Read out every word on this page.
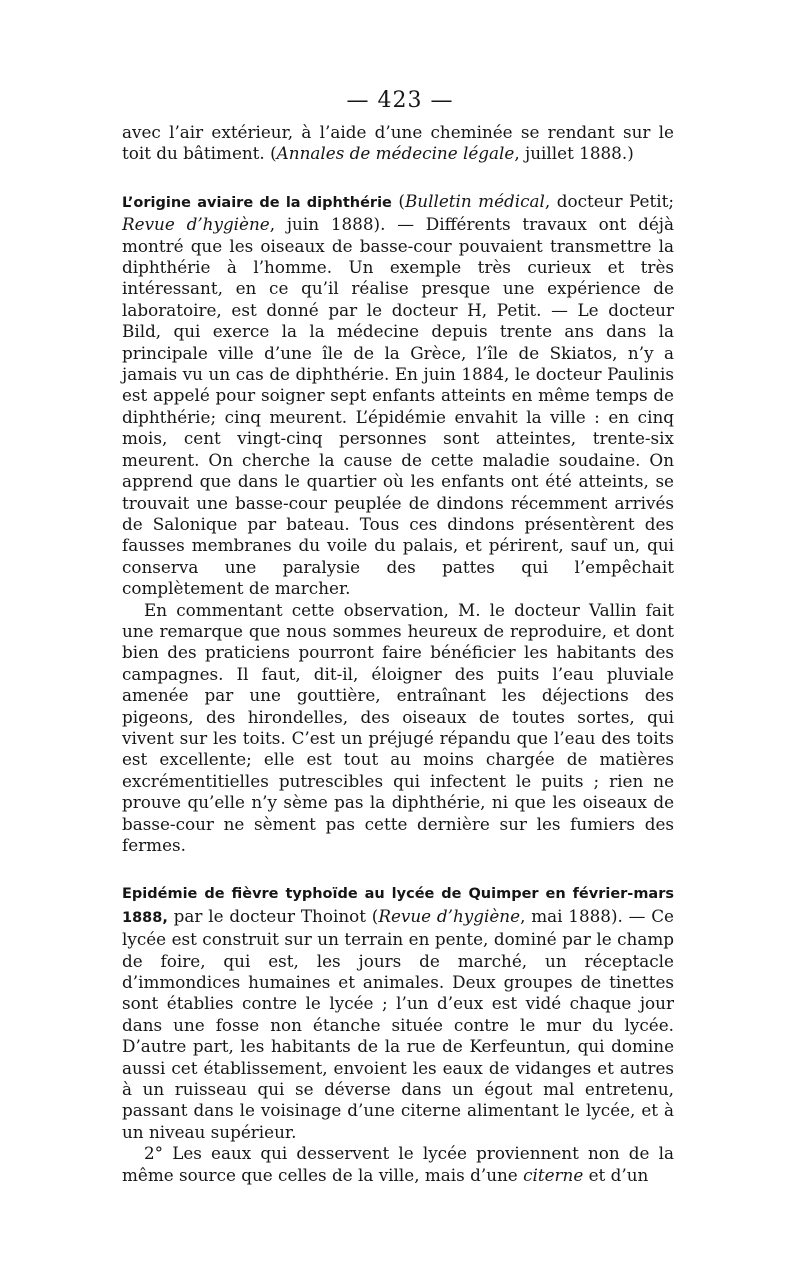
— 423 —

avec l’air extérieur, à l’aide d’une cheminée se rendant sur le toit du bâtiment. (Annales de médecine légale, juillet 1888.)

L’origine aviaire de la diphthérie (Bulletin médical, docteur Petit; Revue d’hygiène, juin 1888). — Différents travaux ont déjà montré que les oiseaux de basse-cour pouvaient transmettre la diphthérie à l’homme. Un exemple très curieux et très intéressant, en ce qu’il réalise presque une expérience de laboratoire, est donné par le docteur H, Petit. — Le docteur Bild, qui exerce la la médecine depuis trente ans dans la principale ville d’une île de la Grèce, l’île de Skiatos, n’y a jamais vu un cas de diphthérie. En juin 1884, le docteur Paulinis est appelé pour soigner sept enfants atteints en même temps de diphthérie; cinq meurent. L’épidémie envahit la ville : en cinq mois, cent vingt-cinq personnes sont atteintes, trente-six meurent. On cherche la cause de cette maladie soudaine. On apprend que dans le quartier où les enfants ont été atteints, se trouvait une basse-cour peuplée de dindons récemment arrivés de Salonique par bateau. Tous ces dindons présentèrent des fausses membranes du voile du palais, et périrent, sauf un, qui conserva une paralysie des pattes qui l’empêchait complètement de marcher.

En commentant cette observation, M. le docteur Vallin fait une remarque que nous sommes heureux de reproduire, et dont bien des praticiens pourront faire bénéficier les habitants des campagnes. Il faut, dit-il, éloigner des puits l’eau pluviale amenée par une gouttière, entraînant les déjections des pigeons, des hirondelles, des oiseaux de toutes sortes, qui vivent sur les toits. C’est un préjugé répandu que l’eau des toits est excellente; elle est tout au moins chargée de matières excrémentitielles putrescibles qui infectent le puits ; rien ne prouve qu’elle n’y sème pas la diphthérie, ni que les oiseaux de basse-cour ne sèment pas cette dernière sur les fumiers des fermes.

Epidémie de fièvre typhoïde au lycée de Quimper en février-mars 1888, par le docteur Thoinot (Revue d’hygiène, mai 1888). — Ce lycée est construit sur un terrain en pente, dominé par le champ de foire, qui est, les jours de marché, un réceptacle d’immondices humaines et animales. Deux groupes de tinettes sont établies contre le lycée ; l’un d’eux est vidé chaque jour dans une fosse non étanche située contre le mur du lycée. D’autre part, les habitants de la rue de Kerfeuntun, qui domine aussi cet établissement, envoient les eaux de vidanges et autres à un ruisseau qui se déverse dans un égout mal entretenu, passant dans le voisinage d’une citerne alimentant le lycée, et à un niveau supérieur.

2° Les eaux qui desservent le lycée proviennent non de la même source que celles de la ville, mais d’une citerne et d’un
